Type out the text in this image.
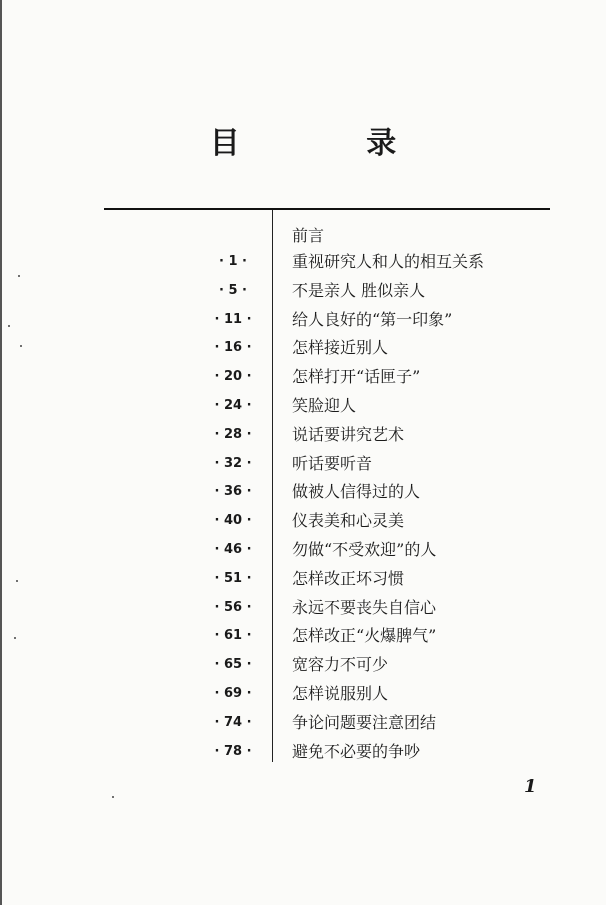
目 录
前言
· 1 ·	重视研究人和人的相互关系
· 5 ·	不是亲人 胜似亲人
· 11 ·	给人良好的“第一印象”
· 16 ·	怎样接近别人
· 20 ·	怎样打开“话匣子”
· 24 ·	笑脸迎人
· 28 ·	说话要讲究艺术
· 32 ·	听话要听音
· 36 ·	做被人信得过的人
· 40 ·	仪表美和心灵美
· 46 ·	勿做“不受欢迎”的人
· 51 ·	怎样改正坏习惯
· 56 ·	永远不要丧失自信心
· 61 ·	怎样改正“火爆脾气”
· 65 ·	宽容力不可少
· 69 ·	怎样说服别人
· 74 ·	争论问题要注意团结
· 78 ·	避免不必要的争吵
1
